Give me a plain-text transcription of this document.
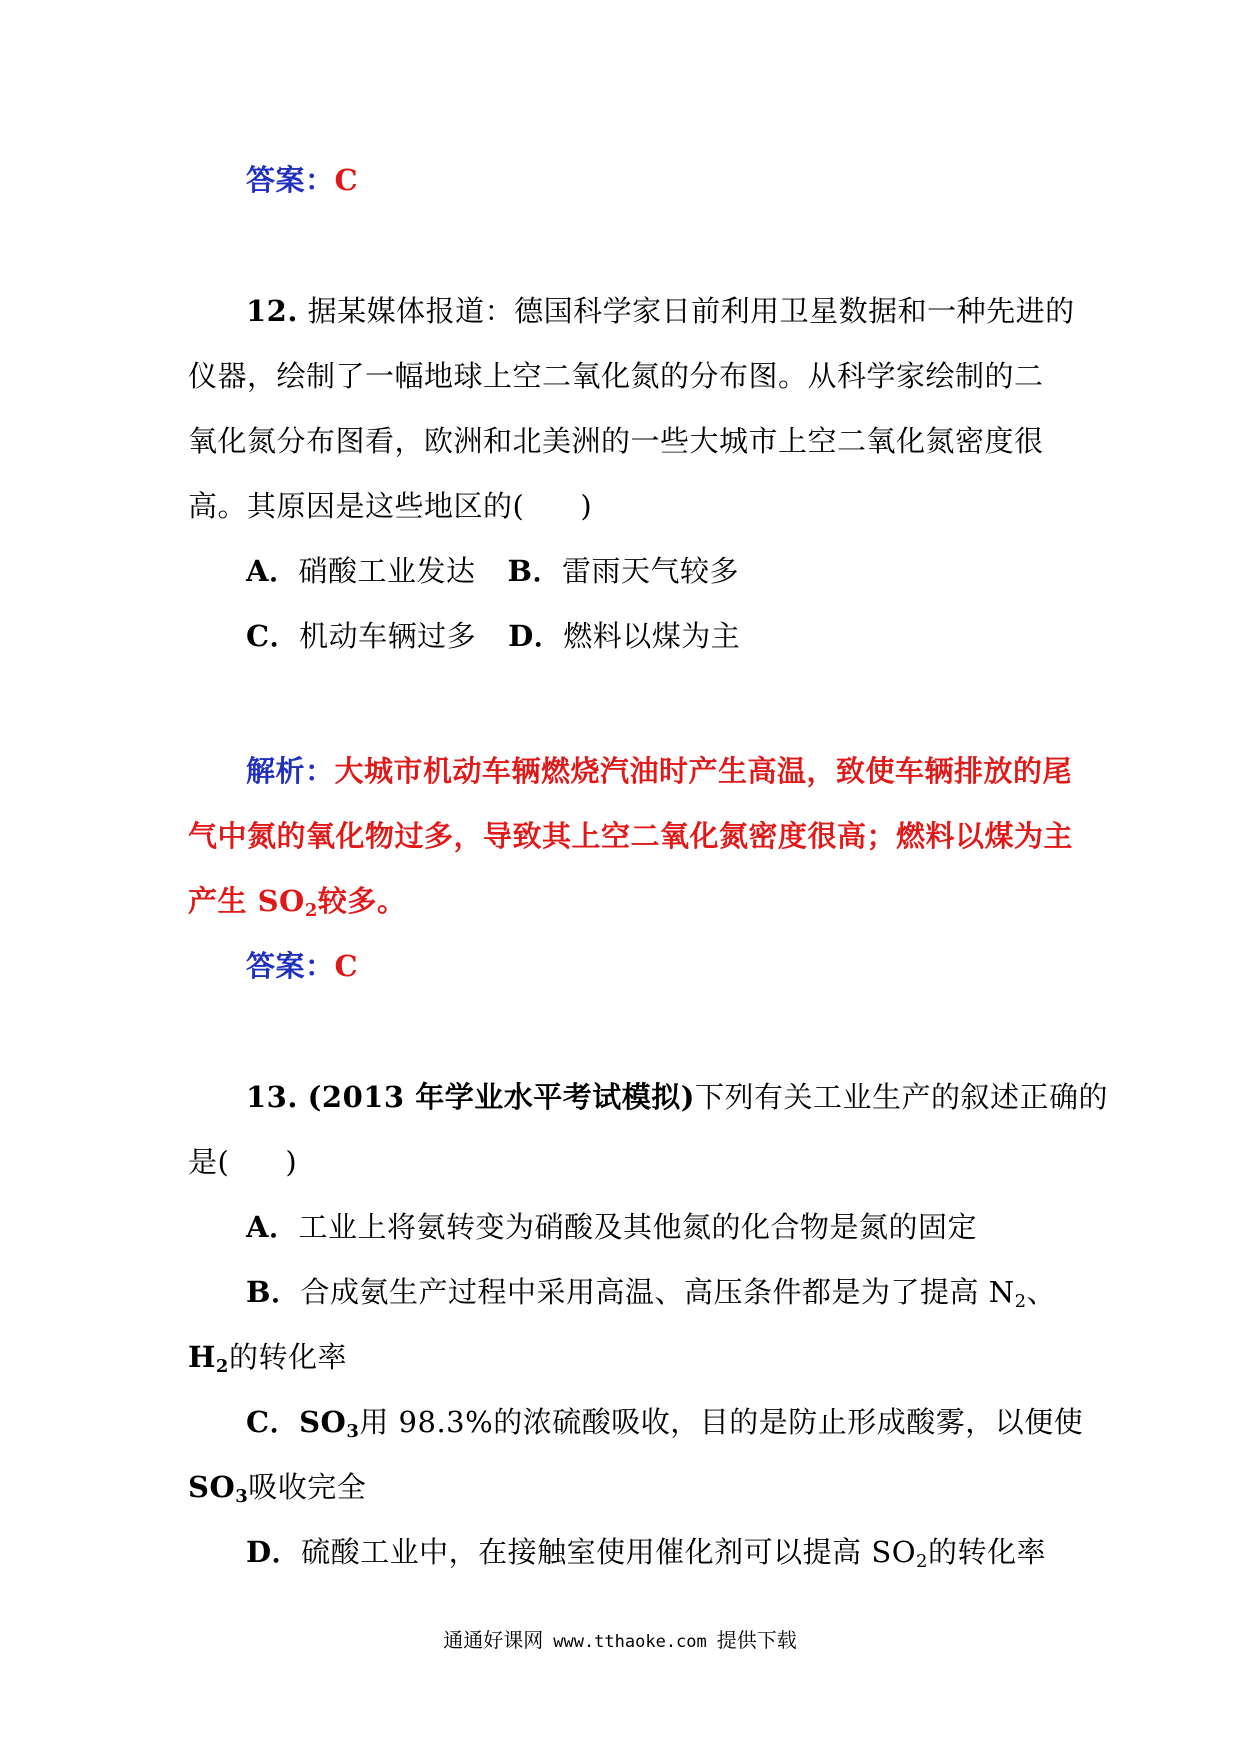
答案：C
12. 据某媒体报道：德国科学家日前利用卫星数据和一种先进的
仪器，绘制了一幅地球上空二氧化氮的分布图。从科学家绘制的二
氧化氮分布图看，欧洲和北美洲的一些大城市上空二氧化氮密度很
高。其原因是这些地区的( )
A．硝酸工业发达 B．雷雨天气较多
C．机动车辆过多 D．燃料以煤为主
解析：大城市机动车辆燃烧汽油时产生高温，致使车辆排放的尾
气中氮的氧化物过多，导致其上空二氧化氮密度很高；燃料以煤为主
产生 $SO_2$较多。
答案：C
13. (2013 年学业水平考试模拟)下列有关工业生产的叙述正确的
是( )
A．工业上将氨转变为硝酸及其他氮的化合物是氮的固定
B．合成氨生产过程中采用高温、高压条件都是为了提高 $N_2$、
$H_2$的转化率
C．$SO_3$用 98.3%的浓硫酸吸收，目的是防止形成酸雾，以便使
$SO_3$吸收完全
D．硫酸工业中，在接触室使用催化剂可以提高 $SO_2$的转化率
通通好课网 www.tthaoke.com 提供下载
